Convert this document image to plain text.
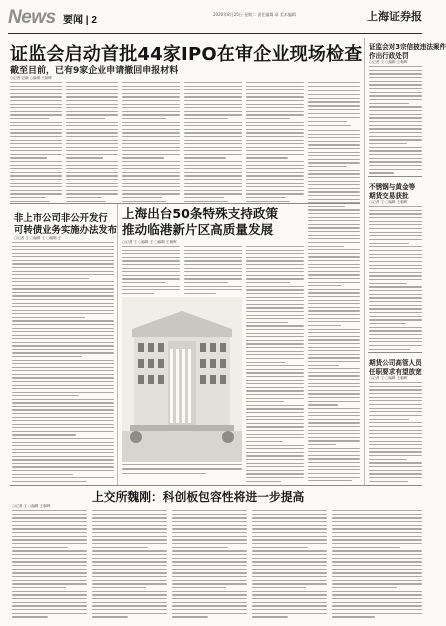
News 要闻 | 2
2020年8月25日 星期二 责任编辑 章 美术编辑	上海证券报
证监会启动首批44家IPO在审企业现场检查
截至目前，已有9家企业申请撤回申报材料
○记者 赵晓 ○编辑 王朝晖
非上市公司非公开发行
可转债业务实施办法发布
○记者 王 ○编辑 王 ○编辑 王
证监会对3宗信披违法案件
作出行政处罚
○记者 王 ○编辑 王朝晖
不锈钢与黄金等
期货交易获批
○记者 王 ○编辑 王朝晖
期货公司高管人员
任职要求有望放宽
○记者 王 ○编辑 王朝晖
上海出台50条特殊支持政策
推动临港新片区高质量发展
○记者 王 ○编辑 王 ○编辑 王朝晖
上交所魏刚：科创板包容性将进一步提高
○记者 王 ○编辑 王朝晖
